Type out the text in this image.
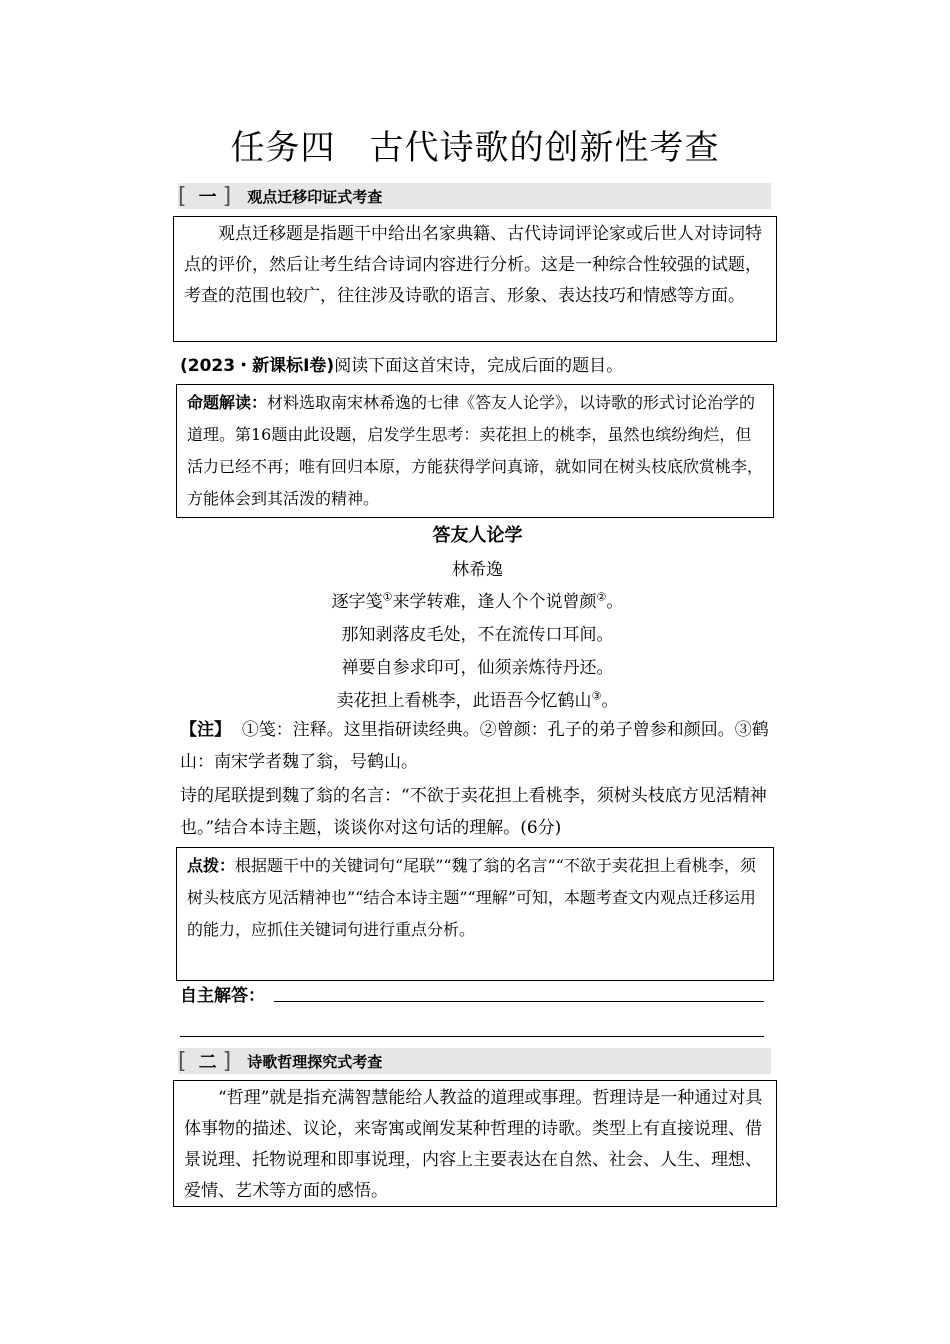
任务四 古代诗歌的创新性考查
[ 一 ]	观点迁移印证式考查
观点迁移题是指题干中给出名家典籍、古代诗词评论家或后世人对诗词特点的评价，然后让考生结合诗词内容进行分析。这是一种综合性较强的试题，考查的范围也较广，往往涉及诗歌的语言、形象、表达技巧和情感等方面。
(2023・新课标Ⅰ卷)阅读下面这首宋诗，完成后面的题目。
命题解读：材料选取南宋林希逸的七律《答友人论学》，以诗歌的形式讨论治学的道理。第16题由此设题，启发学生思考：卖花担上的桃李，虽然也缤纷绚烂，但活力已经不再；唯有回归本原，方能获得学问真谛，就如同在树头枝底欣赏桃李，方能体会到其活泼的精神。
答友人论学
林希逸
逐字笺①来学转难，逢人个个说曾颜②。
那知剥落皮毛处，不在流传口耳间。
禅要自参求印可，仙须亲炼待丹还。
卖花担上看桃李，此语吾今忆鹤山③。
【注】 ①笺：注释。这里指研读经典。②曾颜：孔子的弟子曾参和颜回。③鹤山：南宋学者魏了翁，号鹤山。
诗的尾联提到魏了翁的名言：“不欲于卖花担上看桃李，须树头枝底方见活精神也。”结合本诗主题，谈谈你对这句话的理解。(6分)
点拨：根据题干中的关键词句“尾联”“魏了翁的名言”“不欲于卖花担上看桃李，须树头枝底方见活精神也”“结合本诗主题”“理解”可知，本题考查文内观点迁移运用的能力，应抓住关键词句进行重点分析。
自主解答：
[ 二 ]	诗歌哲理探究式考查
“哲理”就是指充满智慧能给人教益的道理或事理。哲理诗是一种通过对具体事物的描述、议论，来寄寓或阐发某种哲理的诗歌。类型上有直接说理、借景说理、托物说理和即事说理，内容上主要表达在自然、社会、人生、理想、爱情、艺术等方面的感悟。
